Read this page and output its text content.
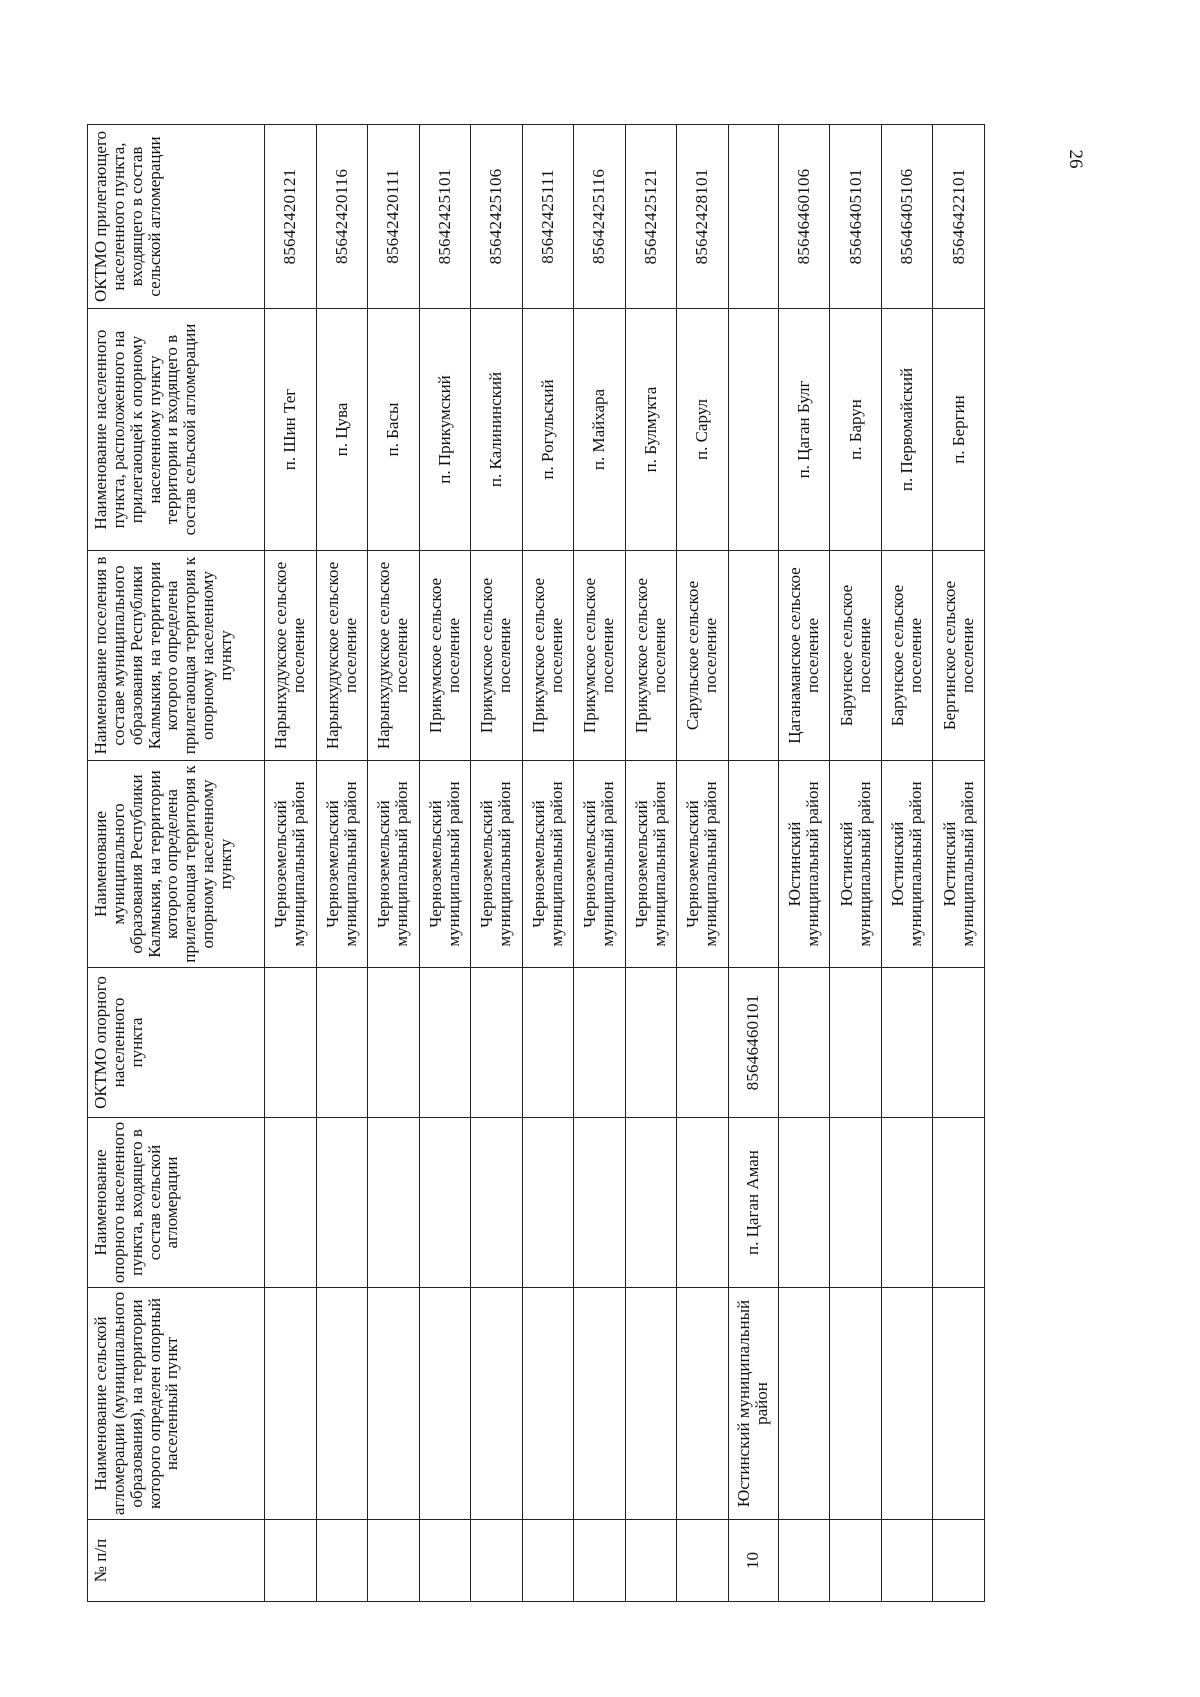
26
№ п/п	Наименование сельской агломерации (муниципального образования), на территории которого определен опорный населенный пункт	Наименование опорного населенного пункта, входящего в состав сельской агломерации	ОКТМО опорного населенного пункта	Наименование муниципального образования Республики Калмыкия, на территории которого определена прилегающая территория к опорному населенному пункту	Наименование поселения в составе муниципального образования Республики Калмыкия, на территории которого определена прилегающая территория к опорному населенному пункту	Наименование населенного пункта, расположенного на прилегающей к опорному населенному пункту территории и входящего в состав сельской агломерации	ОКТМО прилегающего населенного пункта, входящего в состав сельской агломерации
				Черноземельский муниципальный район	Нарынхудукское сельское поселение	п. Шин Тег	85642420121
				Черноземельский муниципальный район	Нарынхудукское сельское поселение	п. Цува	85642420116
				Черноземельский муниципальный район	Нарынхудукское сельское поселение	п. Басы	85642420111
				Черноземельский муниципальный район	Прикумское сельское поселение	п. Прикумский	85642425101
				Черноземельский муниципальный район	Прикумское сельское поселение	п. Калининский	85642425106
				Черноземельский муниципальный район	Прикумское сельское поселение	п. Рогульский	85642425111
				Черноземельский муниципальный район	Прикумское сельское поселение	п. Майхара	85642425116
				Черноземельский муниципальный район	Прикумское сельское поселение	п. Булмукта	85642425121
				Черноземельский муниципальный район	Сарульское сельское поселение	п. Сарул	85642428101
10	Юстинский муниципальный район	п. Цаган Аман	85646460101				
				Юстинский муниципальный район	Цаганаманское сельское поселение	п. Цаган Булг	85646460106
				Юстинский муниципальный район	Барунское сельское поселение	п. Барун	85646405101
				Юстинский муниципальный район	Барунское сельское поселение	п. Первомайский	85646405106
				Юстинский муниципальный район	Бергинское сельское поселение	п. Бергин	85646422101
